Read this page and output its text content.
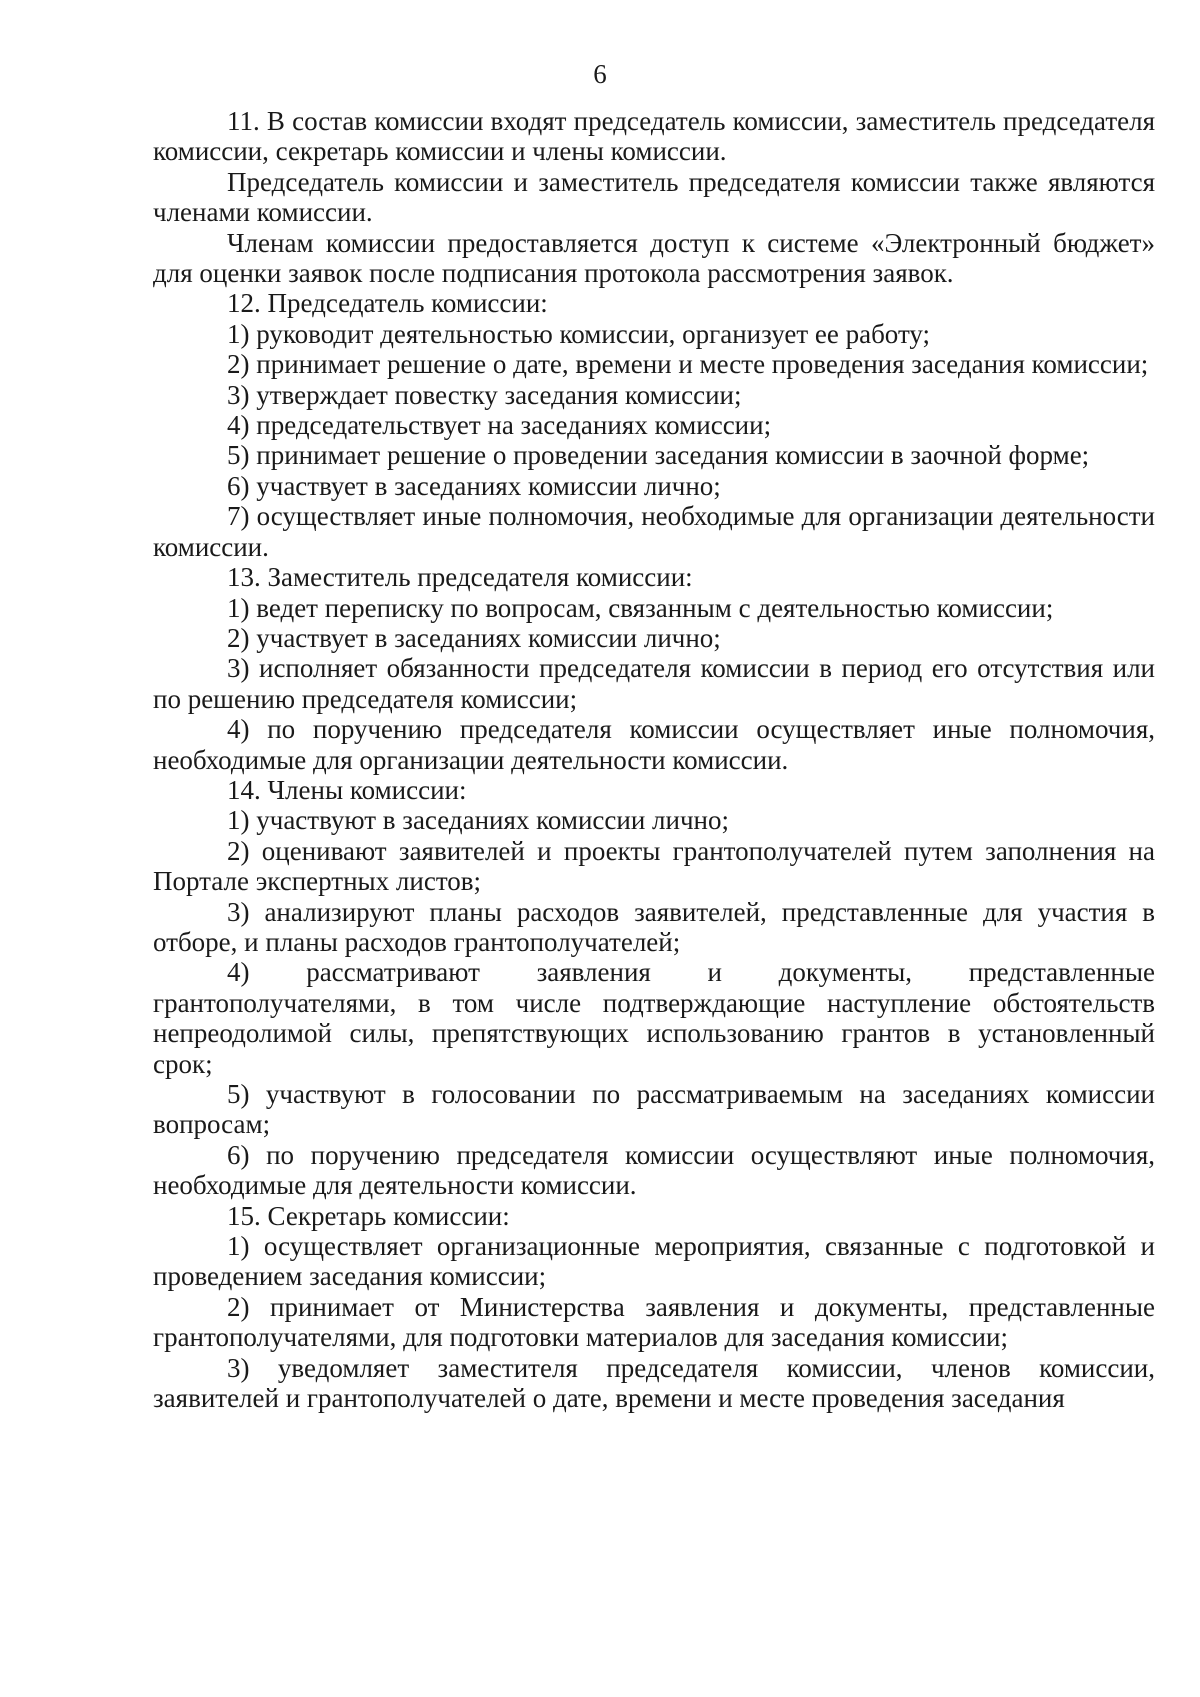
6

11. В состав комиссии входят председатель комиссии, заместитель председателя комиссии, секретарь комиссии и члены комиссии.

Председатель комиссии и заместитель председателя комиссии также являются членами комиссии.

Членам комиссии предоставляется доступ к системе «Электронный бюджет» для оценки заявок после подписания протокола рассмотрения заявок.

12. Председатель комиссии:

1) руководит деятельностью комиссии, организует ее работу;

2) принимает решение о дате, времени и месте проведения заседания комиссии;

3) утверждает повестку заседания комиссии;

4) председательствует на заседаниях комиссии;

5) принимает решение о проведении заседания комиссии в заочной форме;

6) участвует в заседаниях комиссии лично;

7) осуществляет иные полномочия, необходимые для организации деятельности комиссии.

13. Заместитель председателя комиссии:

1) ведет переписку по вопросам, связанным с деятельностью комиссии;

2) участвует в заседаниях комиссии лично;

3) исполняет обязанности председателя комиссии в период его отсутствия или по решению председателя комиссии;

4) по поручению председателя комиссии осуществляет иные полномочия, необходимые для организации деятельности комиссии.

14. Члены комиссии:

1) участвуют в заседаниях комиссии лично;

2) оценивают заявителей и проекты грантополучателей путем заполнения на Портале экспертных листов;

3) анализируют планы расходов заявителей, представленные для участия в отборе, и планы расходов грантополучателей;

4) рассматривают заявления и документы, представленные грантополучателями, в том числе подтверждающие наступление обстоятельств непреодолимой силы, препятствующих использованию грантов в установленный срок;

5) участвуют в голосовании по рассматриваемым на заседаниях комиссии вопросам;

6) по поручению председателя комиссии осуществляют иные полномочия, необходимые для деятельности комиссии.

15. Секретарь комиссии:

1) осуществляет организационные мероприятия, связанные с подготовкой и проведением заседания комиссии;

2) принимает от Министерства заявления и документы, представленные грантополучателями, для подготовки материалов для заседания комиссии;

3) уведомляет заместителя председателя комиссии, членов комиссии, заявителей и грантополучателей о дате, времени и месте проведения заседания
